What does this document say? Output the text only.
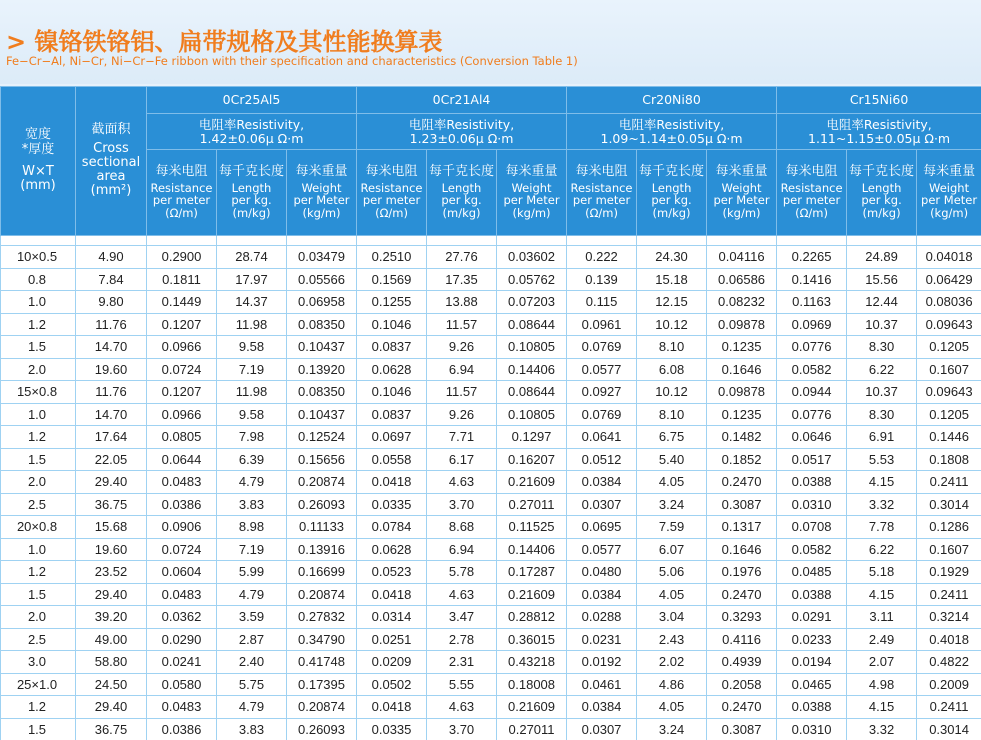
> 镍铬铁铬铝、扁带规格及其性能换算表
Fe−Cr−Al, Ni−Cr, Ni−Cr−Fe ribbon with their specification and characteristics (Conversion Table 1)
宽度
*厚度
W×T
(mm)	截面积
Cross
sectional
area
(mm²)	0Cr25Al5			0Cr21Al4			Cr20Ni80			Cr15Ni60		
		电阻率Resistivity,
1.42±0.06μ Ω·m			电阻率Resistivity,
1.23±0.06μ Ω·m			电阻率Resistivity,
1.09~1.14±0.05μ Ω·m			电阻率Resistivity,
1.11~1.15±0.05μ Ω·m		

		每米电阻
Resistance
per meter
(Ω/m)	每千克长度
Length
per kg.
(m/kg)	每米重量
Weight
per Meter
(kg/m)	每米电阻
Resistance
per meter
(Ω/m)	每千克长度
Length
per kg.
(m/kg)	每米重量
Weight
per Meter
(kg/m)	每米电阻
Resistance
per meter
(Ω/m)	每千克长度
Length
per kg.
(m/kg)	每米重量
Weight
per Meter
(kg/m)	每米电阻
Resistance
per meter
(Ω/m)	每千克长度
Length
per kg.
(m/kg)	每米重量
Weight
per Meter
(kg/m)

10×0.5	4.90	0.2900	28.74	0.03479	0.2510	27.76	0.03602	0.222	24.30	0.04116	0.2265	24.89	0.04018
0.8	7.84	0.1811	17.97	0.05566	0.1569	17.35	0.05762	0.139	15.18	0.06586	0.1416	15.56	0.06429
1.0	9.80	0.1449	14.37	0.06958	0.1255	13.88	0.07203	0.115	12.15	0.08232	0.1163	12.44	0.08036
1.2	11.76	0.1207	11.98	0.08350	0.1046	11.57	0.08644	0.0961	10.12	0.09878	0.0969	10.37	0.09643
1.5	14.70	0.0966	9.58	0.10437	0.0837	9.26	0.10805	0.0769	8.10	0.1235	0.0776	8.30	0.1205
2.0	19.60	0.0724	7.19	0.13920	0.0628	6.94	0.14406	0.0577	6.08	0.1646	0.0582	6.22	0.1607
15×0.8	11.76	0.1207	11.98	0.08350	0.1046	11.57	0.08644	0.0927	10.12	0.09878	0.0944	10.37	0.09643
1.0	14.70	0.0966	9.58	0.10437	0.0837	9.26	0.10805	0.0769	8.10	0.1235	0.0776	8.30	0.1205
1.2	17.64	0.0805	7.98	0.12524	0.0697	7.71	0.1297	0.0641	6.75	0.1482	0.0646	6.91	0.1446
1.5	22.05	0.0644	6.39	0.15656	0.0558	6.17	0.16207	0.0512	5.40	0.1852	0.0517	5.53	0.1808
2.0	29.40	0.0483	4.79	0.20874	0.0418	4.63	0.21609	0.0384	4.05	0.2470	0.0388	4.15	0.2411
2.5	36.75	0.0386	3.83	0.26093	0.0335	3.70	0.27011	0.0307	3.24	0.3087	0.0310	3.32	0.3014
20×0.8	15.68	0.0906	8.98	0.11133	0.0784	8.68	0.11525	0.0695	7.59	0.1317	0.0708	7.78	0.1286
1.0	19.60	0.0724	7.19	0.13916	0.0628	6.94	0.14406	0.0577	6.07	0.1646	0.0582	6.22	0.1607
1.2	23.52	0.0604	5.99	0.16699	0.0523	5.78	0.17287	0.0480	5.06	0.1976	0.0485	5.18	0.1929
1.5	29.40	0.0483	4.79	0.20874	0.0418	4.63	0.21609	0.0384	4.05	0.2470	0.0388	4.15	0.2411
2.0	39.20	0.0362	3.59	0.27832	0.0314	3.47	0.28812	0.0288	3.04	0.3293	0.0291	3.11	0.3214
2.5	49.00	0.0290	2.87	0.34790	0.0251	2.78	0.36015	0.0231	2.43	0.4116	0.0233	2.49	0.4018
3.0	58.80	0.0241	2.40	0.41748	0.0209	2.31	0.43218	0.0192	2.02	0.4939	0.0194	2.07	0.4822
25×1.0	24.50	0.0580	5.75	0.17395	0.0502	5.55	0.18008	0.0461	4.86	0.2058	0.0465	4.98	0.2009
1.2	29.40	0.0483	4.79	0.20874	0.0418	4.63	0.21609	0.0384	4.05	0.2470	0.0388	4.15	0.2411
1.5	36.75	0.0386	3.83	0.26093	0.0335	3.70	0.27011	0.0307	3.24	0.3087	0.0310	3.32	0.3014
